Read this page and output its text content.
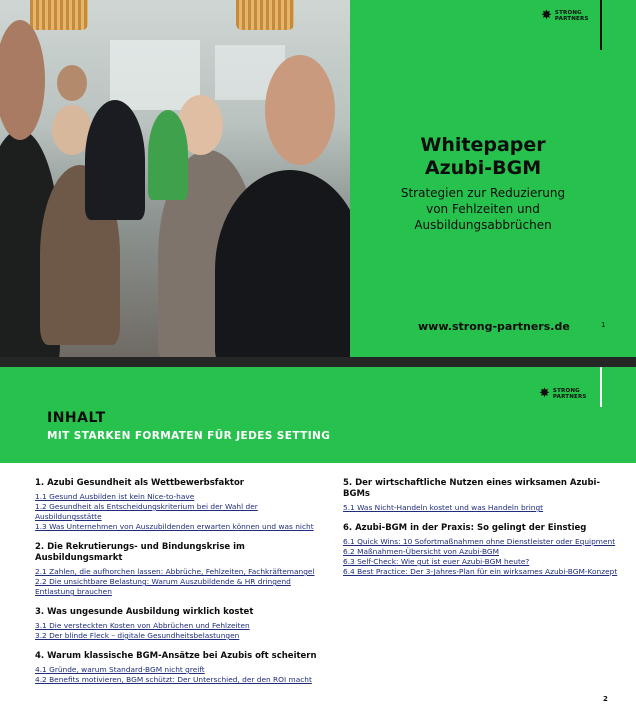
✸ STRONG
PARTNERS
Whitepaper
Azubi-BGM
Strategien zur Reduzierung
von Fehlzeiten und
Ausbildungsabbrüchen
www.strong-partners.de	1
✸ STRONG
PARTNERS
INHALT
MIT STARKEN FORMATEN FÜR JEDES SETTING
1. Azubi Gesundheit als Wettbewerbsfaktor
1.1 Gesund Ausbilden ist kein Nice-to-have
1.2 Gesundheit als Entscheidungskriterium bei der Wahl der Ausbildungsstätte
1.3 Was Unternehmen von Auszubildenden erwarten können und was nicht
2. Die Rekrutierungs- und Bindungskrise im Ausbildungsmarkt
2.1 Zahlen, die aufhorchen lassen: Abbrüche, Fehlzeiten, Fachkräftemangel
2.2 Die unsichtbare Belastung: Warum Auszubildende & HR dringend Entlastung brauchen
3. Was ungesunde Ausbildung wirklich kostet
3.1 Die versteckten Kosten von Abbrüchen und Fehlzeiten
3.2 Der blinde Fleck – digitale Gesundheitsbelastungen
4. Warum klassische BGM-Ansätze bei Azubis oft scheitern
4.1 Gründe, warum Standard-BGM nicht greift
4.2 Benefits motivieren, BGM schützt: Der Unterschied, der den ROI macht
5. Der wirtschaftliche Nutzen eines wirksamen Azubi-BGMs
5.1 Was Nicht-Handeln kostet und was Handeln bringt
6. Azubi-BGM in der Praxis: So gelingt der Einstieg
6.1 Quick Wins: 10 Sofortmaßnahmen ohne Dienstleister oder Equipment
6.2 Maßnahmen-Übersicht von Azubi-BGM
6.3 Self-Check: Wie gut ist euer Azubi-BGM heute?
6.4 Best Practice: Der 3-Jahres-Plan für ein wirksames Azubi-BGM-Konzept
2
